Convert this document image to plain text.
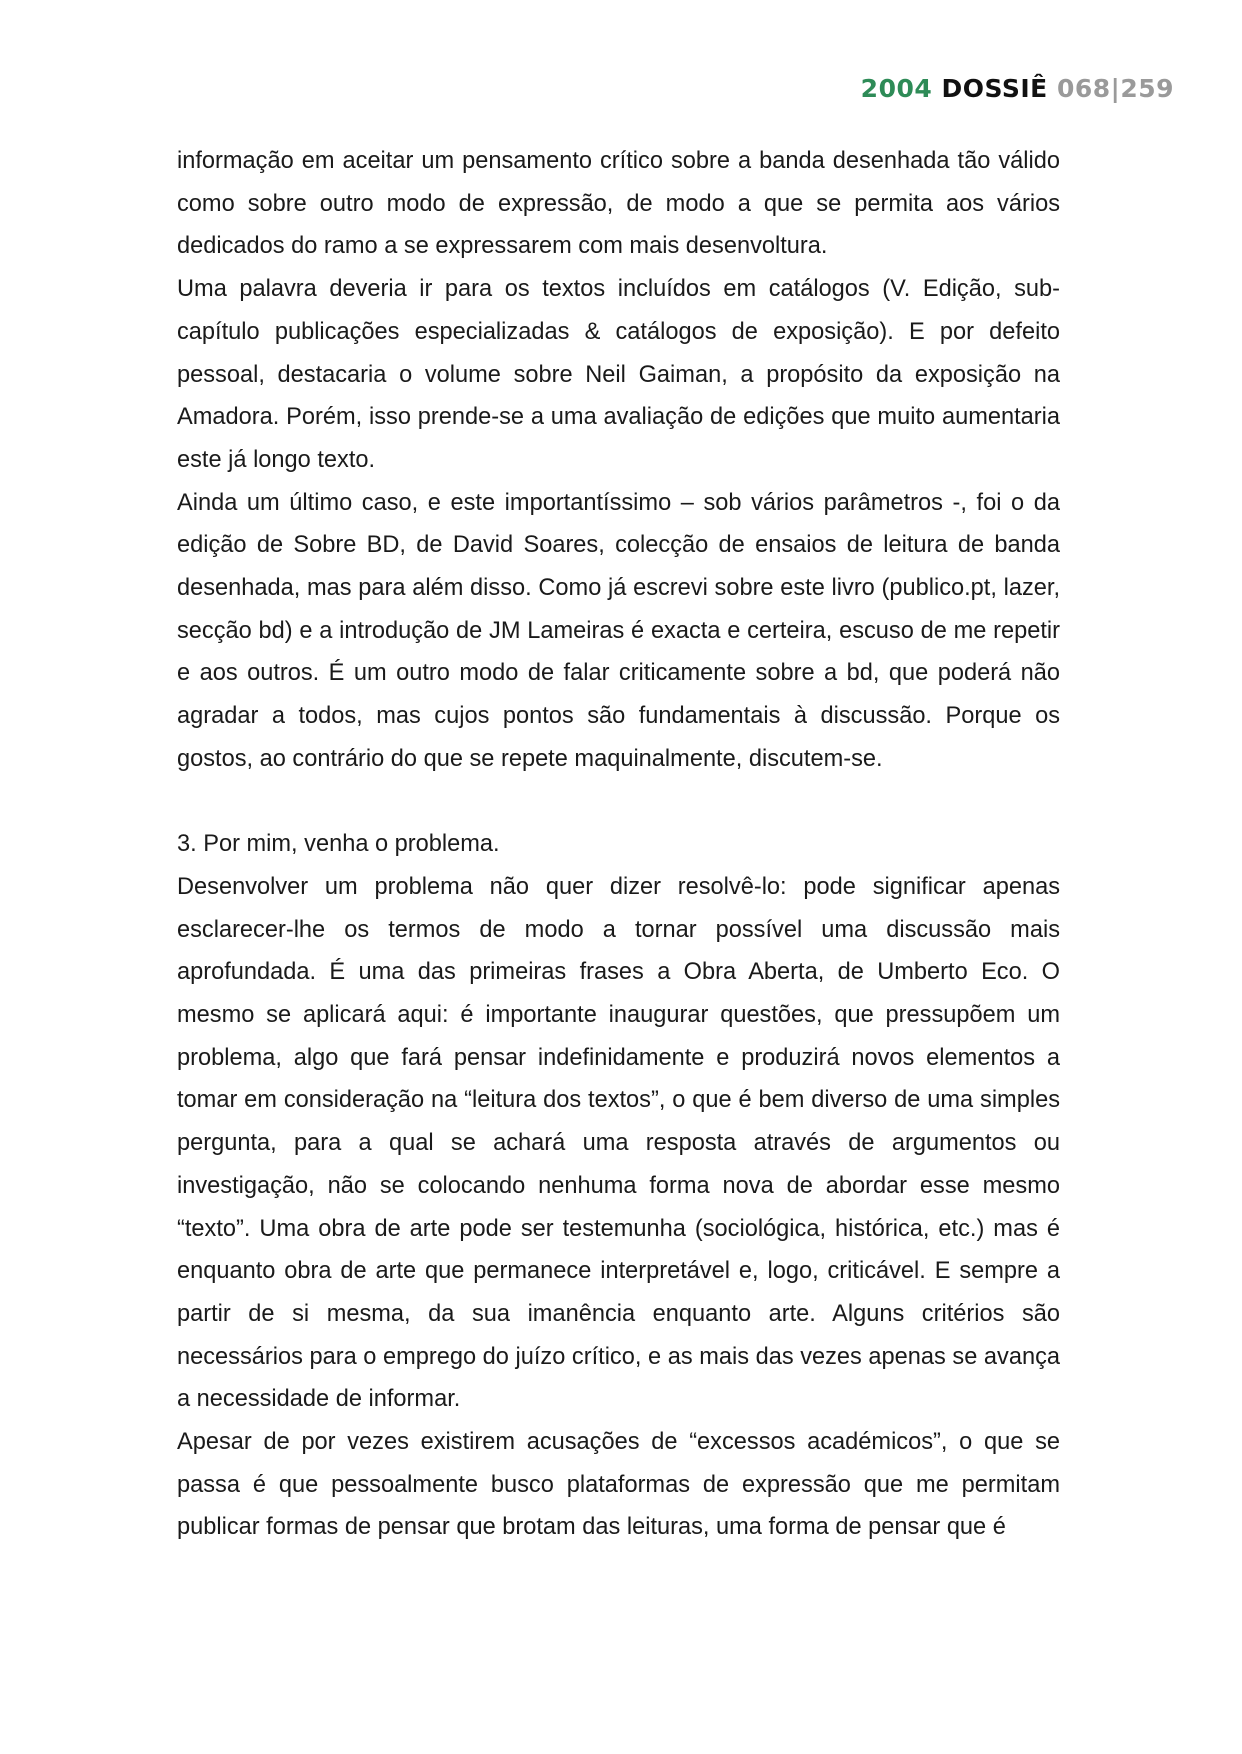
2004 DOSSIÊ 068|259

informação em aceitar um pensamento crítico sobre a banda desenhada tão válido como sobre outro modo de expressão, de modo a que se permita aos vários dedicados do ramo a se expressarem com mais desenvoltura.

Uma palavra deveria ir para os textos incluídos em catálogos (V. Edição, sub-capítulo publicações especializadas & catálogos de exposição). E por defeito pessoal, destacaria o volume sobre Neil Gaiman, a propósito da exposição na Amadora. Porém, isso prende-se a uma avaliação de edições que muito aumentaria este já longo texto.

Ainda um último caso, e este importantíssimo – sob vários parâmetros -, foi o da edição de Sobre BD, de David Soares, colecção de ensaios de leitura de banda desenhada, mas para além disso. Como já escrevi sobre este livro (publico.pt, lazer, secção bd) e a introdução de JM Lameiras é exacta e certeira, escuso de me repetir e aos outros. É um outro modo de falar criticamente sobre a bd, que poderá não agradar a todos, mas cujos pontos são fundamentais à discussão. Porque os gostos, ao contrário do que se repete maquinalmente, discutem-se.

3. Por mim, venha o problema.

Desenvolver um problema não quer dizer resolvê-lo: pode significar apenas esclarecer-lhe os termos de modo a tornar possível uma discussão mais aprofundada. É uma das primeiras frases a Obra Aberta, de Umberto Eco. O mesmo se aplicará aqui: é importante inaugurar questões, que pressupõem um problema, algo que fará pensar indefinidamente e produzirá novos elementos a tomar em consideração na “leitura dos textos”, o que é bem diverso de uma simples pergunta, para a qual se achará uma resposta através de argumentos ou investigação, não se colocando nenhuma forma nova de abordar esse mesmo “texto”. Uma obra de arte pode ser testemunha (sociológica, histórica, etc.) mas é enquanto obra de arte que permanece interpretável e, logo, criticável. E sempre a partir de si mesma, da sua imanência enquanto arte. Alguns critérios são necessários para o emprego do juízo crítico, e as mais das vezes apenas se avança a necessidade de informar.

Apesar de por vezes existirem acusações de “excessos académicos”, o que se passa é que pessoalmente busco plataformas de expressão que me permitam publicar formas de pensar que brotam das leituras, uma forma de pensar que é
